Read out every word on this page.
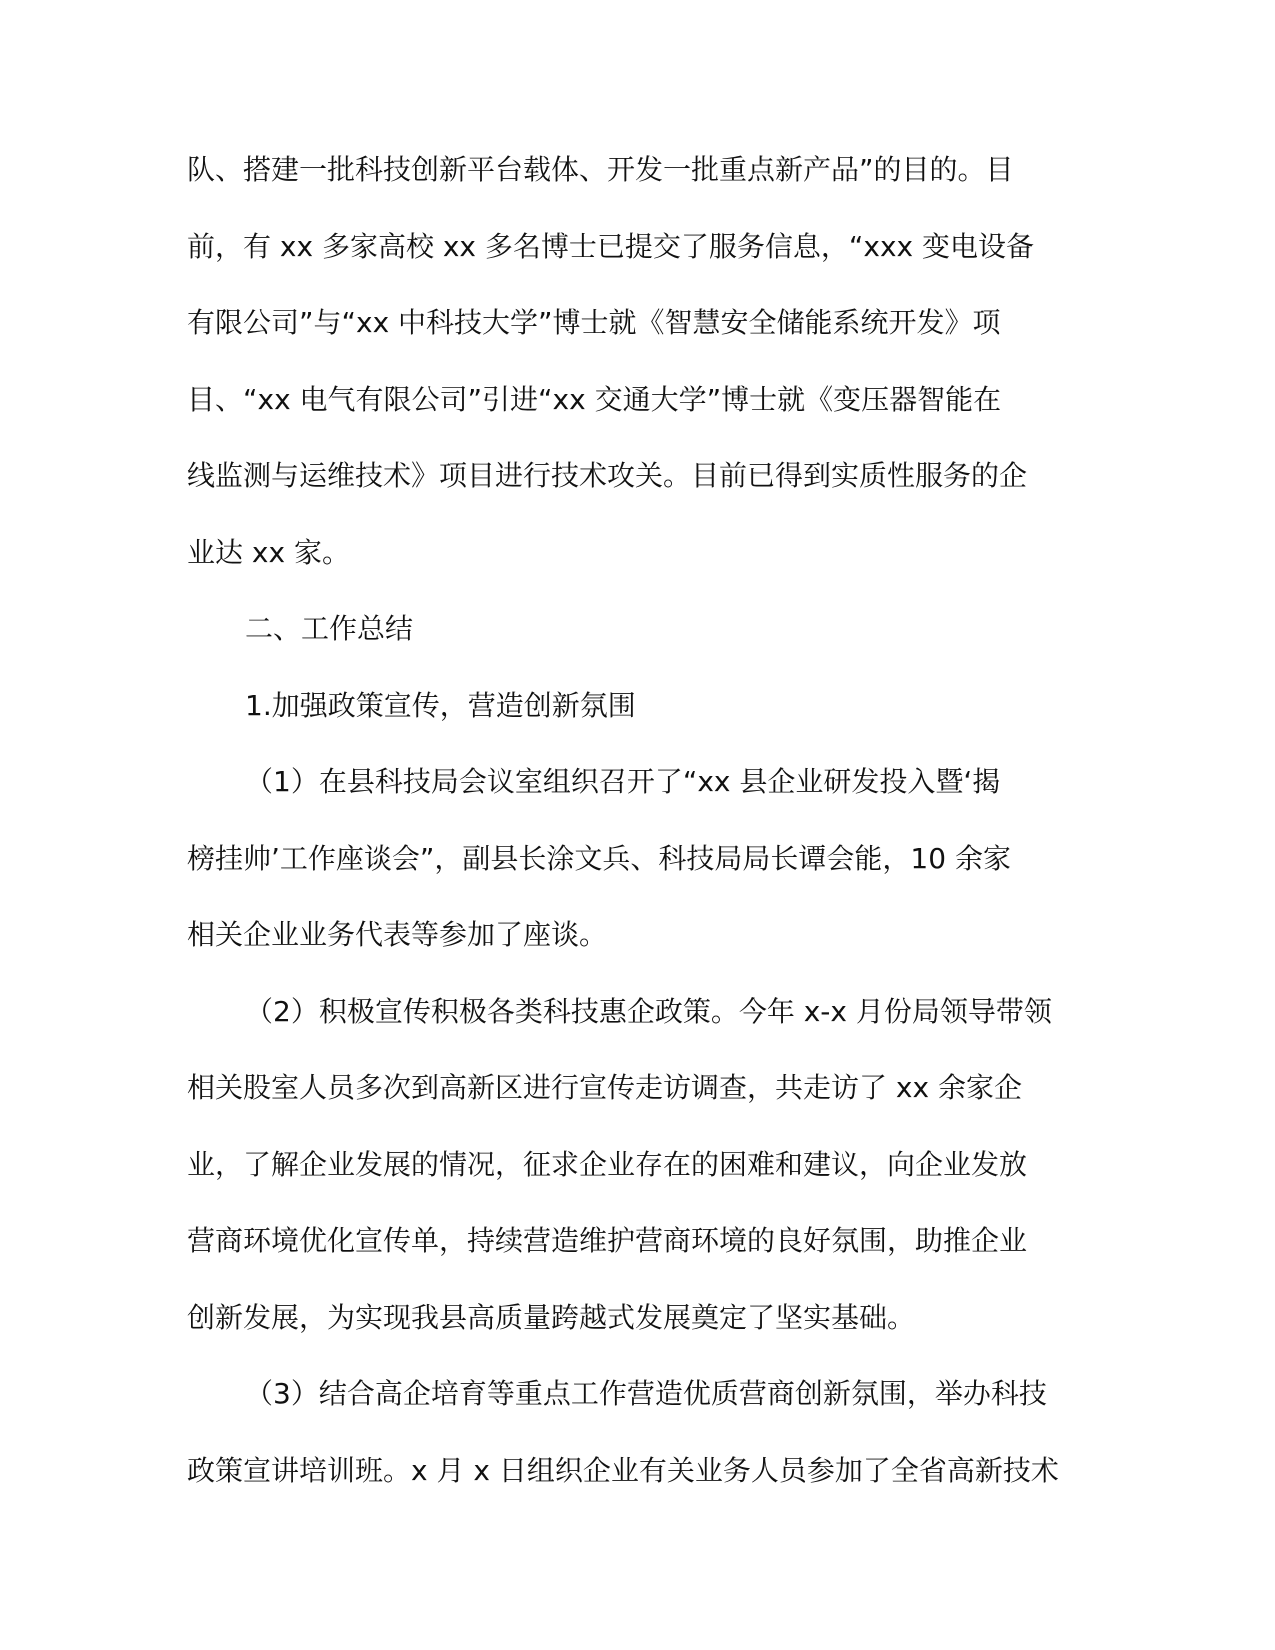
队、搭建一批科技创新平台载体、开发一批重点新产品”的目的。目
前，有 xx 多家高校 xx 多名博士已提交了服务信息，“xxx 变电设备
有限公司”与“xx 中科技大学”博士就《智慧安全储能系统开发》项
目、“xx 电气有限公司”引进“xx 交通大学”博士就《变压器智能在
线监测与运维技术》项目进行技术攻关。目前已得到实质性服务的企
业达 xx 家。
二、工作总结
1.加强政策宣传，营造创新氛围
（1）在县科技局会议室组织召开了“xx 县企业研发投入暨‘揭
榜挂帅’工作座谈会”，副县长涂文兵、科技局局长谭会能，10 余家
相关企业业务代表等参加了座谈。
（2）积极宣传积极各类科技惠企政策。今年 x-x 月份局领导带领
相关股室人员多次到高新区进行宣传走访调查，共走访了 xx 余家企
业，了解企业发展的情况，征求企业存在的困难和建议，向企业发放
营商环境优化宣传单，持续营造维护营商环境的良好氛围，助推企业
创新发展，为实现我县高质量跨越式发展奠定了坚实基础。
（3）结合高企培育等重点工作营造优质营商创新氛围，举办科技
政策宣讲培训班。x 月 x 日组织企业有关业务人员参加了全省高新技术
